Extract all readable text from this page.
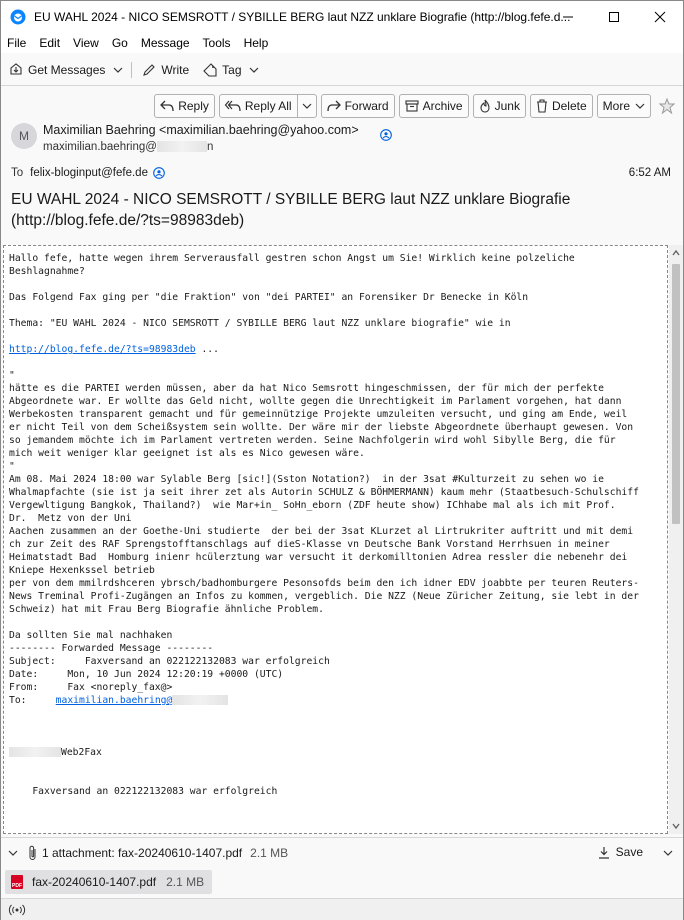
EU WAHL 2024 - NICO SEMSROTT / SYBILLE BERG laut NZZ unklare Biografie (http://blog.fefe.d...
File Edit View Go Message Tools Help
Get Messages	Write	Tag
Reply	Reply All	Forward	Archive	Junk	Delete More
M	Maximilian Baehring <maximilian.baehring@yahoo.com>
maximilian.baehring@	n
To felix-bloginput@fefe.de	6:52 AM
EU WAHL 2024 - NICO SEMSROTT / SYBILLE BERG laut NZZ unklare Biografie (http://blog.fefe.de/?ts=98983deb)
Hallo fefe, hatte wegen ihrem Serverausfall gestren schon Angst um Sie! Wirklich keine polzeliche
Beshlagnahme?

Das Folgend Fax ging per "die Fraktion" von "dei PARTEI" an Forensiker Dr Benecke in Köln

Thema: "EU WAHL 2024 - NICO SEMSROTT / SYBILLE BERG laut NZZ unklare biografie" wie in

http://blog.fefe.de/?ts=98983deb ...

"
hätte es die PARTEI werden müssen, aber da hat Nico Semsrott hingeschmissen, der für mich der perfekte
Abgeordnete war. Er wollte das Geld nicht, wollte gegen die Unrechtigkeit im Parlament vorgehen, hat dann
Werbekosten transparent gemacht und für gemeinnützige Projekte umzuleiten versucht, und ging am Ende, weil
er nicht Teil von dem Scheißsystem sein wollte. Der wäre mir der liebste Abgeordnete überhaupt gewesen. Von
so jemandem möchte ich im Parlament vertreten werden. Seine Nachfolgerin wird wohl Sibylle Berg, die für
mich weit weniger klar geeignet ist als es Nico gewesen wäre.
"
Am 08. Mai 2024 18:00 war Sylable Berg [sic!](Sston Notation?)  in der 3sat #Kulturzeit zu sehen wo ie
Whalmapfachte (sie ist ja seit ihrer zet als Autorin SCHULZ & BÖHMERMANN) kaum mehr (Staatbesuch-Schulschiff
Vergewltigung Bangkok, Thailand?)  wie Mar+in_ SoHn_eborn (ZDF heute show) IChhabe mal als ich mit Prof.
Dr.  Metz von der Uni
Aachen zusammen an der Goethe-Uni studierte  der bei der 3sat KLurzet al Lirtrukriter auftritt und mit demi
ch zur Zeit des RAF Sprengstofftanschlags auf dieS-Klasse vn Deutsche Bank Vorstand Herrhsuen in meiner
Heimatstadt Bad  Homburg inienr hcülerztung war versucht it derkomilltonien Adrea ressler die nebenehr dei
Kniepe Hexenkssel betrieb
per von dem mmilrdshceren ybrsch/badhomburgere Pesonsofds beim den ich idner EDV joabbte per teuren Reuters-
News Treminal Profi-Zugängen an Infos zu kommen, vergeblich. Die NZZ (Neue Züricher Zeitung, sie lebt in der
Schweiz) hat mit Frau Berg Biografie ähnliche Problem.

Da sollten Sie mal nachhaken
-------- Forwarded Message --------
Subject:     Faxversand an 022122132083 war erfolgreich
Date:     Mon, 10 Jun 2024 12:20:19 +0000 (UTC)
From:     Fax <noreply_fax@>
To:	maximilian.baehring@

Web2Fax

Faxversand an 022122132083 war erfolgreich

1 attachment: fax-20240610-1407.pdf 2.1 MB	Save
PDF fax-20240610-1407.pdf 2.1 MB
